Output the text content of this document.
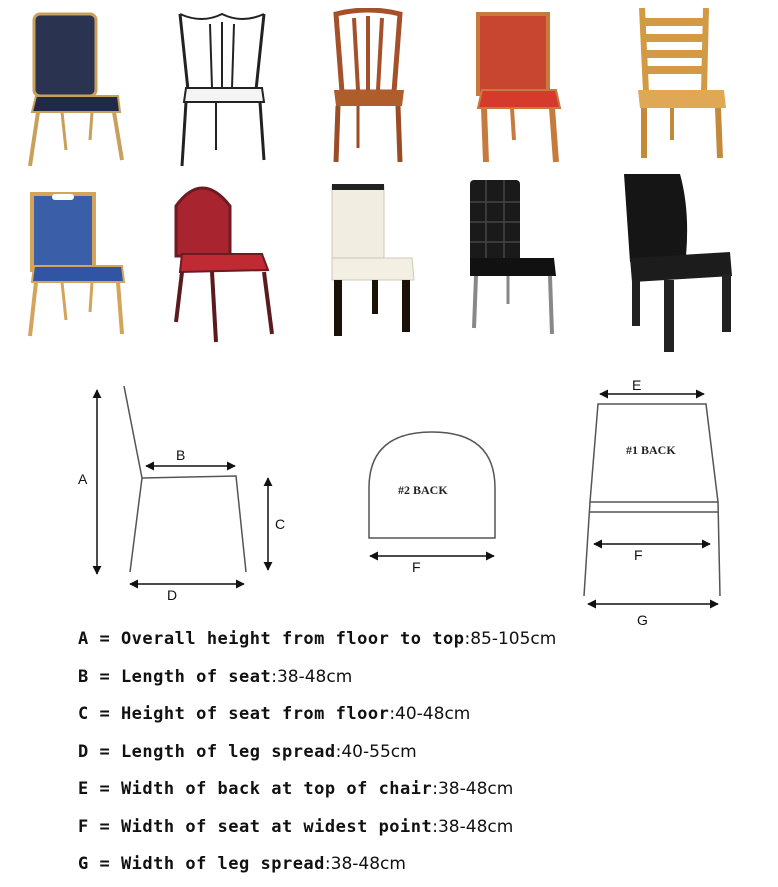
A
B
C
D
E
F
F
G
#2 BACK
#1 BACK
A = Overall height from floor to top:85-105cm
B = Length of seat:38-48cm
C = Height of seat from floor:40-48cm
D = Length of leg spread:40-55cm
E = Width of back at top of chair:38-48cm
F = Width of seat at widest point:38-48cm
G = Width of leg spread:38-48cm
